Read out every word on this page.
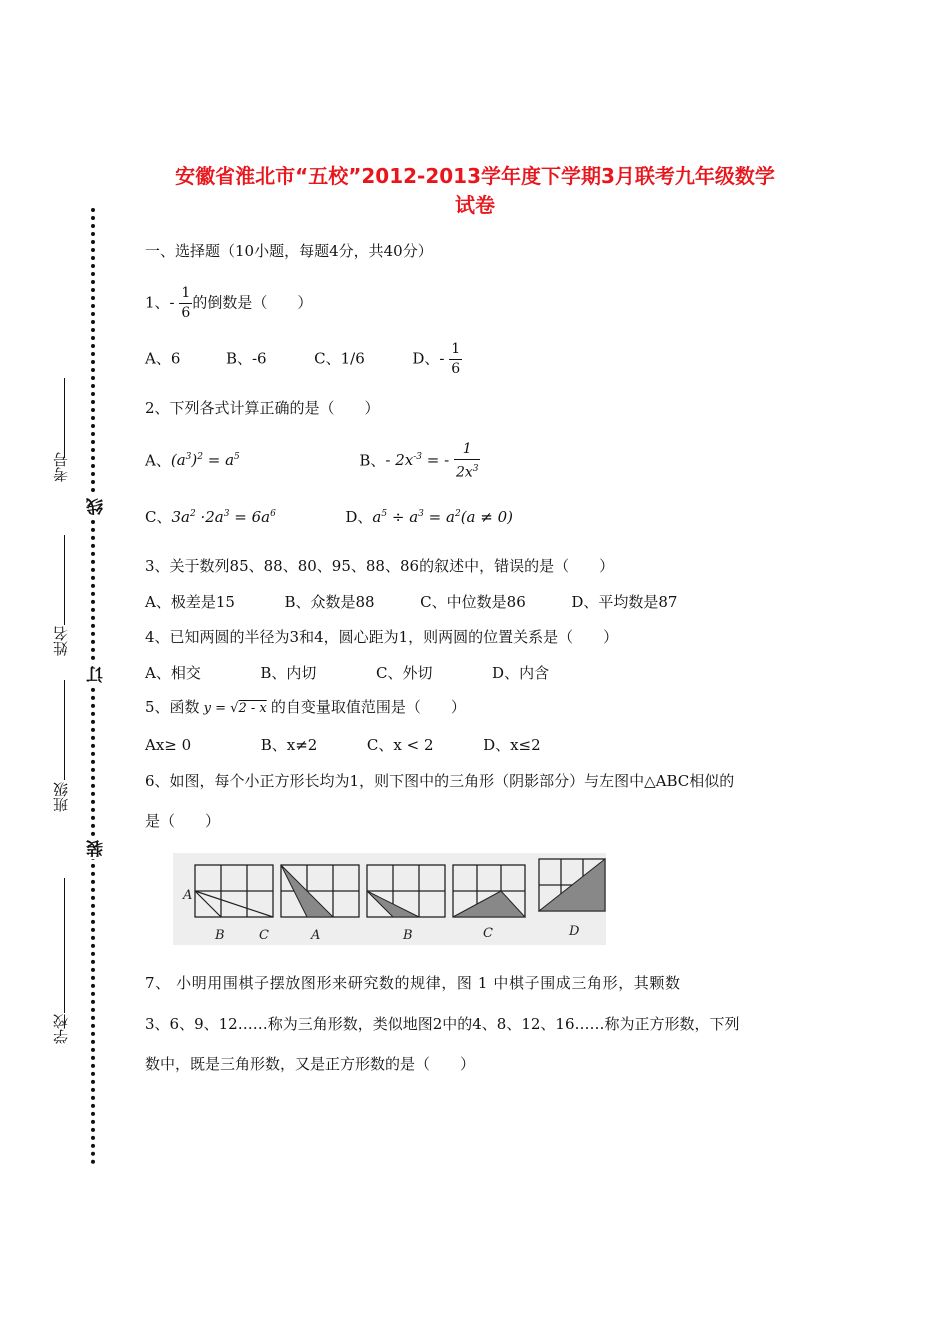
安徽省淮北市“五校”2012-2013学年度下学期3月联考九年级数学
试卷
考号
姓名
班级
学校
线
订
装
一、选择题（10小题，每题4分，共40分）
1、- $\frac{1}{6}$ 的倒数是（　　）
A、6	B、-6	C、1/6	D、- $\frac{1}{6}$
2、下列各式计算正确的是（　　）
A、$(a^3)^2 = a^5$	B、- $2x^{-3}$ = - $\frac{1}{2x^3}$
C、$3a^2 \cdot 2a^3 = 6a^6$	D、$a^5 \div a^3 = a^2(a \ne 0)$
3、关于数列85、88、80、95、88、86的叙述中，错误的是（　　）
A、极差是15	B、众数是88	C、中位数是86	D、平均数是87
4、已知两圆的半径为3和4，圆心距为1，则两圆的位置关系是（　　）
A、相交	B、内切	C、外切	D、内含
5、函数 y = √2 - x 的自变量取值范围是（　　）
Ax≥ 0	B、x≠2	C、x < 2	D、x≤2
6、如图，每个小正方形长均为1，则下图中的三角形（阴影部分）与左图中△ABC相似的
是（　　）
A
B	C	A	B	C	D
7、 小明用围棋子摆放图形来研究数的规律，图 1 中棋子围成三角形，其颗数
3、6、9、12……称为三角形数，类似地图2中的4、8、12、16……称为正方形数，下列
数中，既是三角形数，又是正方形数的是（　　）
